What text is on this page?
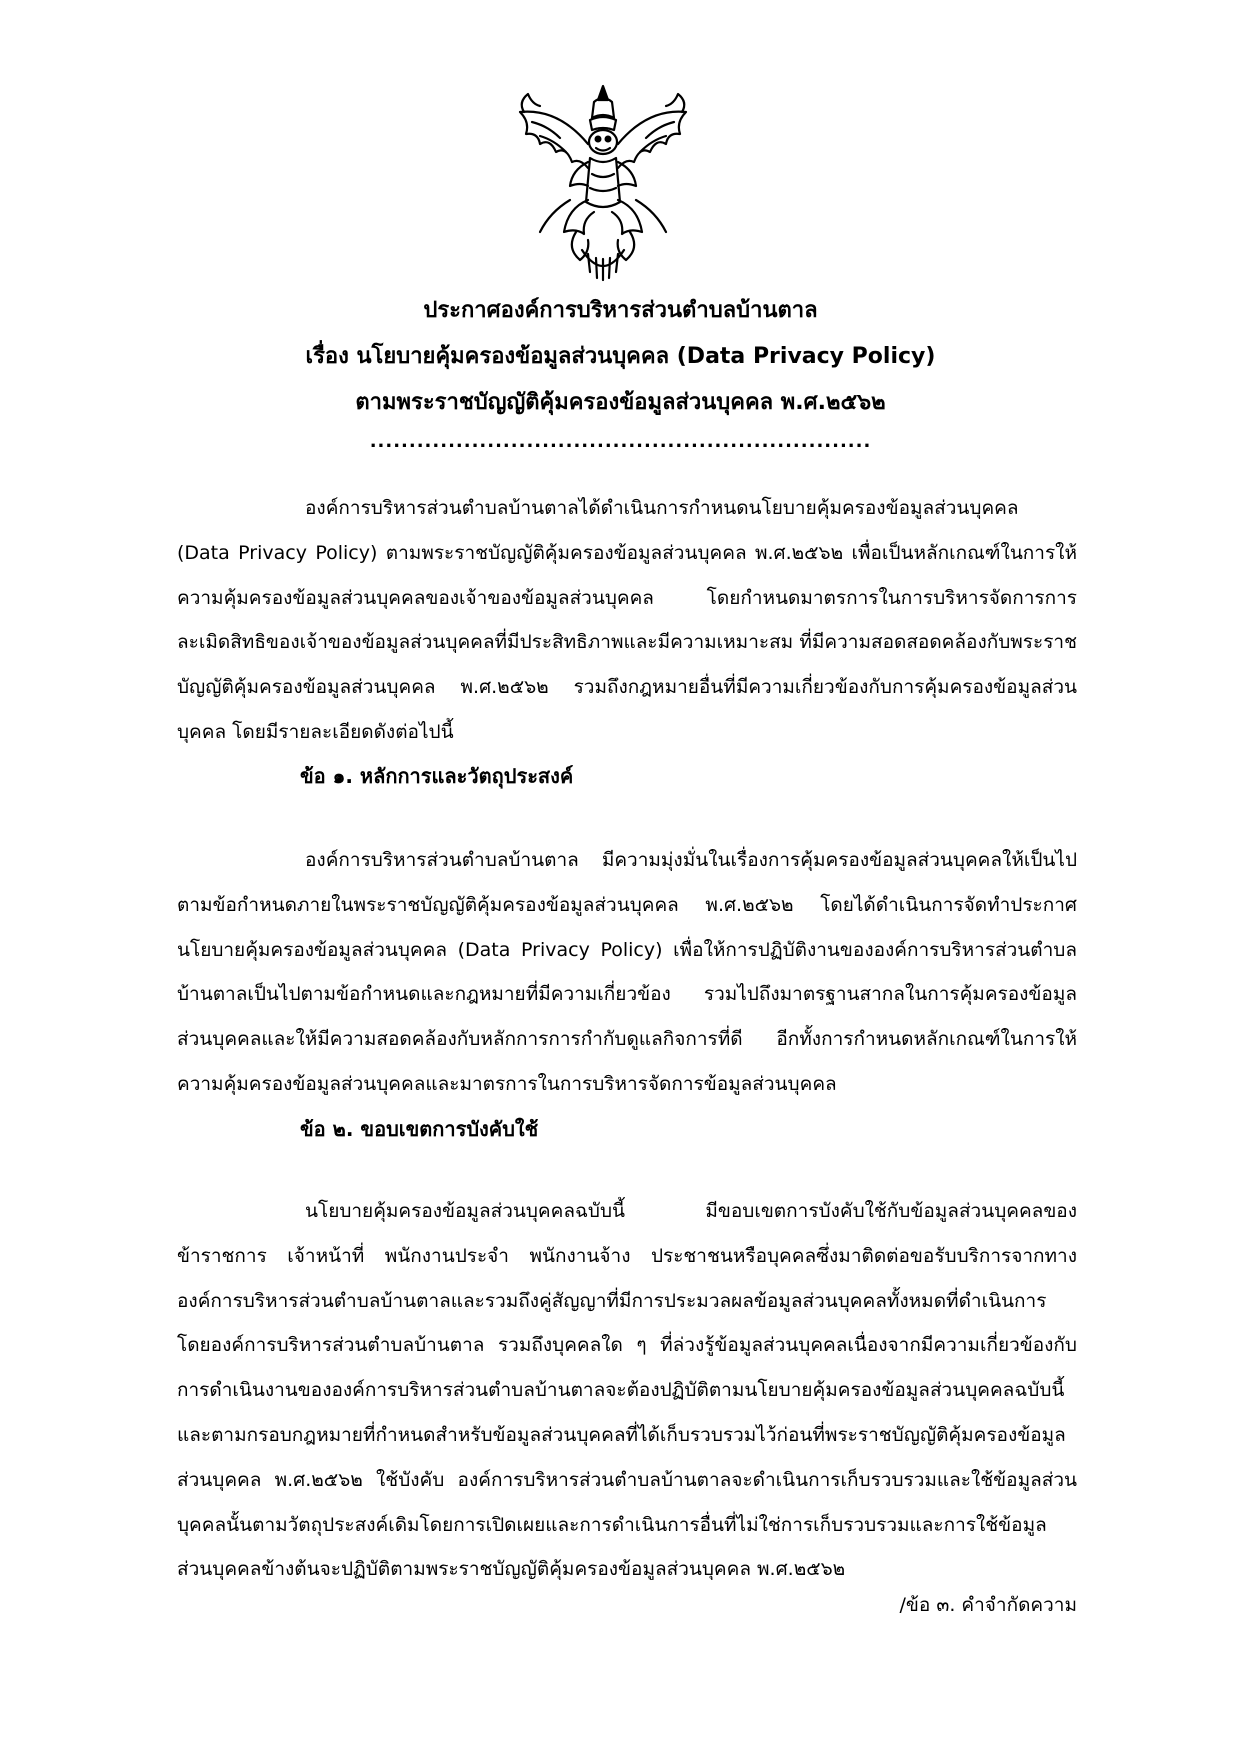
ประกาศองค์การบริหารส่วนตำบลบ้านตาล
เรื่อง นโยบายคุ้มครองข้อมูลส่วนบุคคล (Data Privacy Policy)
ตามพระราชบัญญัติคุ้มครองข้อมูลส่วนบุคคล พ.ศ.๒๕๖๒
................................................................

องค์การบริหารส่วนตำบลบ้านตาลได้ดำเนินการกำหนดนโยบายคุ้มครองข้อมูลส่วนบุคคล (Data Privacy Policy) ตามพระราชบัญญัติคุ้มครองข้อมูลส่วนบุคคล พ.ศ.๒๕๖๒ เพื่อเป็นหลักเกณฑ์ในการให้ความคุ้มครองข้อมูลส่วนบุคคลของเจ้าของข้อมูลส่วนบุคคล โดยกำหนดมาตรการในการบริหารจัดการการละเมิดสิทธิของเจ้าของข้อมูลส่วนบุคคลที่มีประสิทธิภาพและมีความเหมาะสม ที่มีความสอดสอดคล้องกับพระราชบัญญัติคุ้มครองข้อมูลส่วนบุคคล พ.ศ.๒๕๖๒ รวมถึงกฎหมายอื่นที่มีความเกี่ยวข้องกับการคุ้มครองข้อมูลส่วนบุคคล โดยมีรายละเอียดดังต่อไปนี้

ข้อ ๑. หลักการและวัตถุประสงค์

องค์การบริหารส่วนตำบลบ้านตาล มีความมุ่งมั่นในเรื่องการคุ้มครองข้อมูลส่วนบุคคลให้เป็นไปตามข้อกำหนดภายในพระราชบัญญัติคุ้มครองข้อมูลส่วนบุคคล พ.ศ.๒๕๖๒ โดยได้ดำเนินการจัดทำประกาศนโยบายคุ้มครองข้อมูลส่วนบุคคล (Data Privacy Policy) เพื่อให้การปฏิบัติงานขององค์การบริหารส่วนตำบลบ้านตาลเป็นไปตามข้อกำหนดและกฎหมายที่มีความเกี่ยวข้อง รวมไปถึงมาตรฐานสากลในการคุ้มครองข้อมูลส่วนบุคคลและให้มีความสอดคล้องกับหลักการการกำกับดูแลกิจการที่ดี อีกทั้งการกำหนดหลักเกณฑ์ในการให้ความคุ้มครองข้อมูลส่วนบุคคลและมาตรการในการบริหารจัดการข้อมูลส่วนบุคคล

ข้อ ๒. ขอบเขตการบังคับใช้

นโยบายคุ้มครองข้อมูลส่วนบุคคลฉบับนี้ มีขอบเขตการบังคับใช้กับข้อมูลส่วนบุคคลของข้าราชการ เจ้าหน้าที่ พนักงานประจำ พนักงานจ้าง ประชาชนหรือบุคคลซึ่งมาติดต่อขอรับบริการจากทางองค์การบริหารส่วนตำบลบ้านตาลและรวมถึงคู่สัญญาที่มีการประมวลผลข้อมูลส่วนบุคคลทั้งหมดที่ดำเนินการโดยองค์การบริหารส่วนตำบลบ้านตาล รวมถึงบุคคลใด ๆ ที่ล่วงรู้ข้อมูลส่วนบุคคลเนื่องจากมีความเกี่ยวข้องกับการดำเนินงานขององค์การบริหารส่วนตำบลบ้านตาลจะต้องปฏิบัติตามนโยบายคุ้มครองข้อมูลส่วนบุคคลฉบับนี้และตามกรอบกฎหมายที่กำหนดสำหรับข้อมูลส่วนบุคคลที่ได้เก็บรวบรวมไว้ก่อนที่พระราชบัญญัติคุ้มครองข้อมูลส่วนบุคคล พ.ศ.๒๕๖๒ ใช้บังคับ องค์การบริหารส่วนตำบลบ้านตาลจะดำเนินการเก็บรวบรวมและใช้ข้อมูลส่วนบุคคลนั้นตามวัตถุประสงค์เดิมโดยการเปิดเผยและการดำเนินการอื่นที่ไม่ใช่การเก็บรวบรวมและการใช้ข้อมูลส่วนบุคคลข้างต้นจะปฏิบัติตามพระราชบัญญัติคุ้มครองข้อมูลส่วนบุคคล พ.ศ.๒๕๖๒

/ข้อ ๓. คำจำกัดความ
